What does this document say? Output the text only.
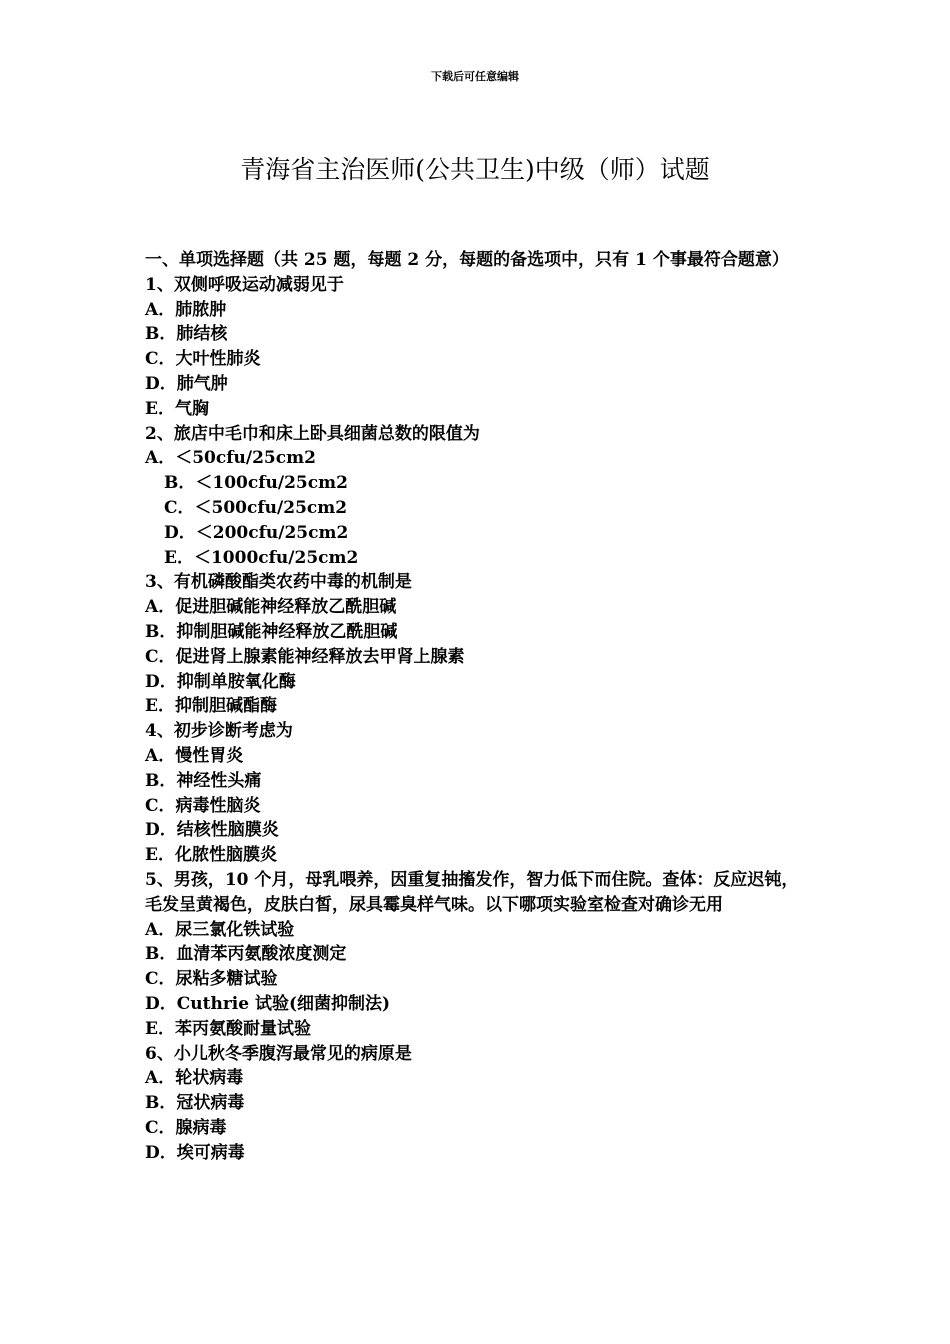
下载后可任意编辑
青海省主治医师(公共卫生)中级（师）试题
一、单项选择题（共 25 题，每题 2 分，每题的备选项中，只有 1 个事最符合题意）
1、双侧呼吸运动减弱见于
A．肺脓肿
B．肺结核
C．大叶性肺炎
D．肺气肿
E．气胸
2、旅店中毛巾和床上卧具细菌总数的限值为
A．＜50cfu/25cm2
B．＜100cfu/25cm2
C．＜500cfu/25cm2
D．＜200cfu/25cm2
E．＜1000cfu/25cm2
3、有机磷酸酯类农药中毒的机制是
A．促进胆碱能神经释放乙酰胆碱
B．抑制胆碱能神经释放乙酰胆碱
C．促进肾上腺素能神经释放去甲肾上腺素
D．抑制单胺氧化酶
E．抑制胆碱酯酶
4、初步诊断考虑为
A．慢性胃炎
B．神经性头痛
C．病毒性脑炎
D．结核性脑膜炎
E．化脓性脑膜炎
5、男孩，10 个月，母乳喂养，因重复抽搐发作，智力低下而住院。查体：反应迟钝，毛发呈黄褐色，皮肤白皙，尿具霉臭样气味。以下哪项实验室检查对确诊无用
A．尿三氯化铁试验
B．血清苯丙氨酸浓度测定
C．尿粘多糖试验
D．Cuthrie 试验(细菌抑制法)
E．苯丙氨酸耐量试验
6、小儿秋冬季腹泻最常见的病原是
A．轮状病毒
B．冠状病毒
C．腺病毒
D．埃可病毒
